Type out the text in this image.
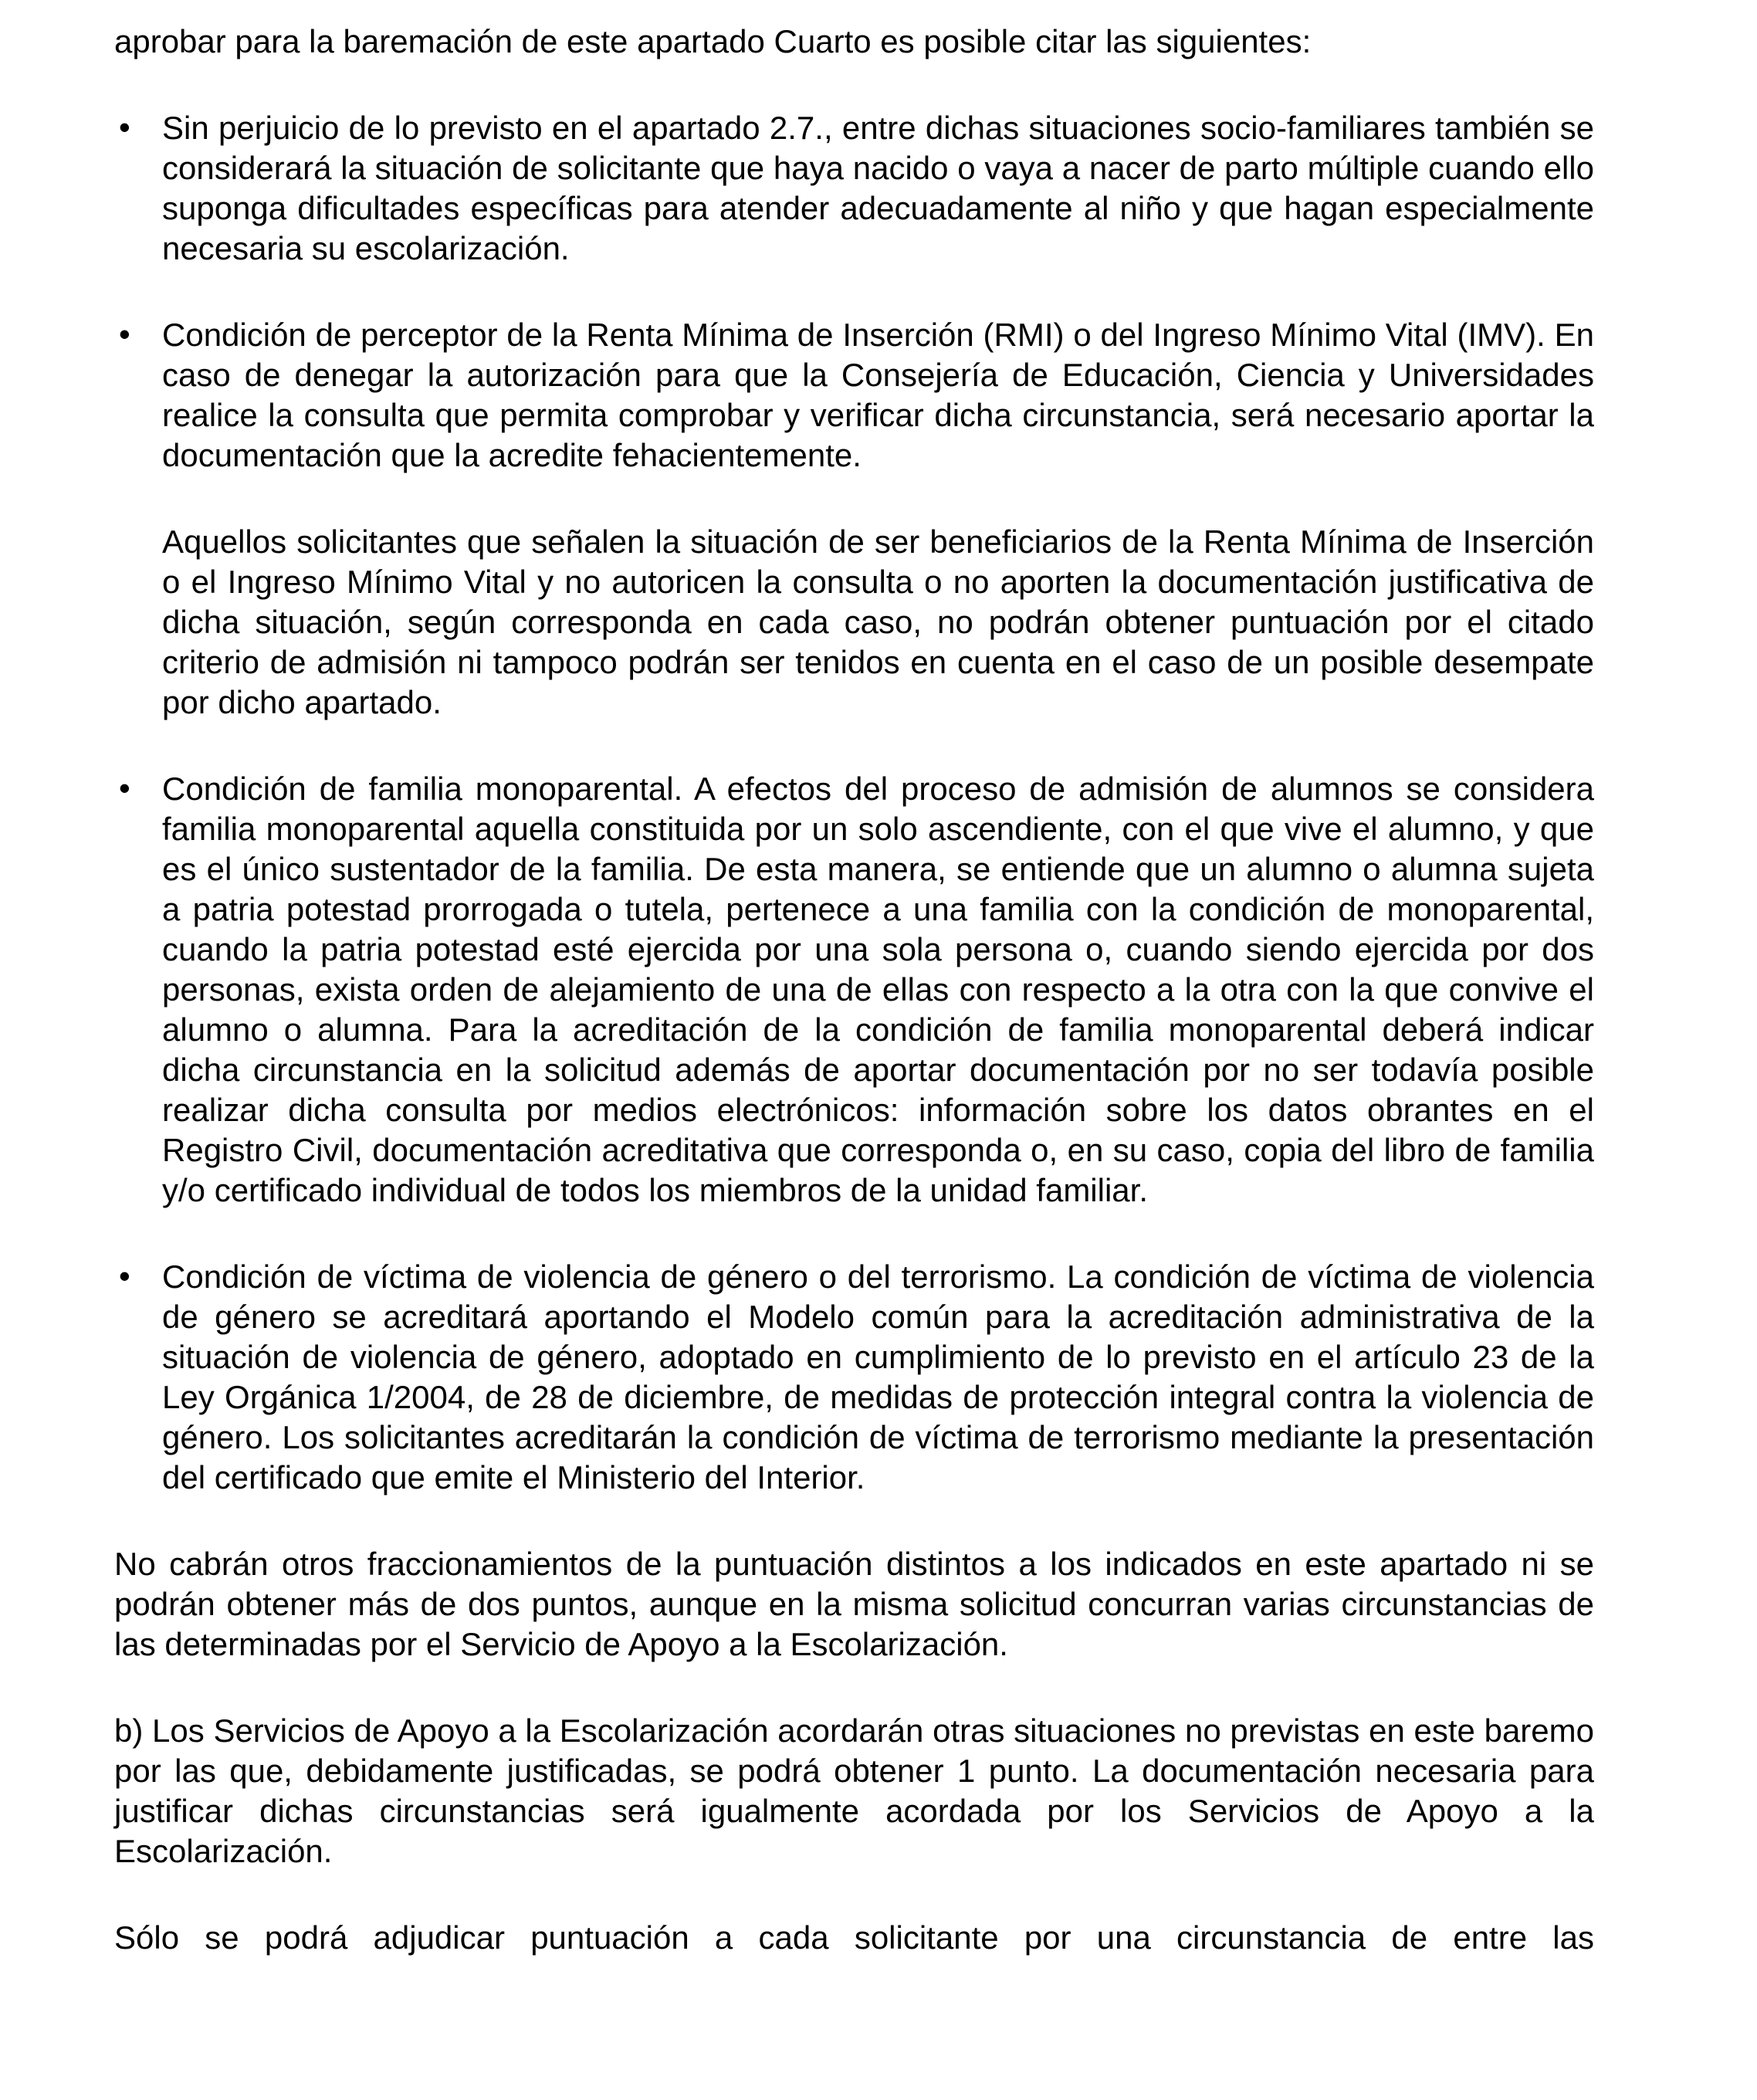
aprobar para la baremación de este apartado Cuarto es posible citar las siguientes:

• Sin perjuicio de lo previsto en el apartado 2.7., entre dichas situaciones socio-familiares también se considerará la situación de solicitante que haya nacido o vaya a nacer de parto múltiple cuando ello suponga dificultades específicas para atender adecuadamente al niño y que hagan especialmente necesaria su escolarización.

• Condición de perceptor de la Renta Mínima de Inserción (RMI) o del Ingreso Mínimo Vital (IMV). En caso de denegar la autorización para que la Consejería de Educación, Ciencia y Universidades realice la consulta que permita comprobar y verificar dicha circunstancia, será necesario aportar la documentación que la acredite fehacientemente.

Aquellos solicitantes que señalen la situación de ser beneficiarios de la Renta Mínima de Inserción o el Ingreso Mínimo Vital y no autoricen la consulta o no aporten la documentación justificativa de dicha situación, según corresponda en cada caso, no podrán obtener puntuación por el citado criterio de admisión ni tampoco podrán ser tenidos en cuenta en el caso de un posible desempate por dicho apartado.

• Condición de familia monoparental. A efectos del proceso de admisión de alumnos se considera familia monoparental aquella constituida por un solo ascendiente, con el que vive el alumno, y que es el único sustentador de la familia. De esta manera, se entiende que un alumno o alumna sujeta a patria potestad prorrogada o tutela, pertenece a una familia con la condición de monoparental, cuando la patria potestad esté ejercida por una sola persona o, cuando siendo ejercida por dos personas, exista orden de alejamiento de una de ellas con respecto a la otra con la que convive el alumno o alumna. Para la acreditación de la condición de familia monoparental deberá indicar dicha circunstancia en la solicitud además de aportar documentación por no ser todavía posible realizar dicha consulta por medios electrónicos: información sobre los datos obrantes en el Registro Civil, documentación acreditativa que corresponda o, en su caso, copia del libro de familia y/o certificado individual de todos los miembros de la unidad familiar.

• Condición de víctima de violencia de género o del terrorismo. La condición de víctima de violencia de género se acreditará aportando el Modelo común para la acreditación administrativa de la situación de violencia de género, adoptado en cumplimiento de lo previsto en el artículo 23 de la Ley Orgánica 1/2004, de 28 de diciembre, de medidas de protección integral contra la violencia de género. Los solicitantes acreditarán la condición de víctima de terrorismo mediante la presentación del certificado que emite el Ministerio del Interior.

No cabrán otros fraccionamientos de la puntuación distintos a los indicados en este apartado ni se podrán obtener más de dos puntos, aunque en la misma solicitud concurran varias circunstancias de las determinadas por el Servicio de Apoyo a la Escolarización.

b) Los Servicios de Apoyo a la Escolarización acordarán otras situaciones no previstas en este baremo por las que, debidamente justificadas, se podrá obtener 1 punto. La documentación necesaria para justificar dichas circunstancias será igualmente acordada por los Servicios de Apoyo a la Escolarización.

Sólo se podrá adjudicar puntuación a cada solicitante por una circunstancia de entre las
